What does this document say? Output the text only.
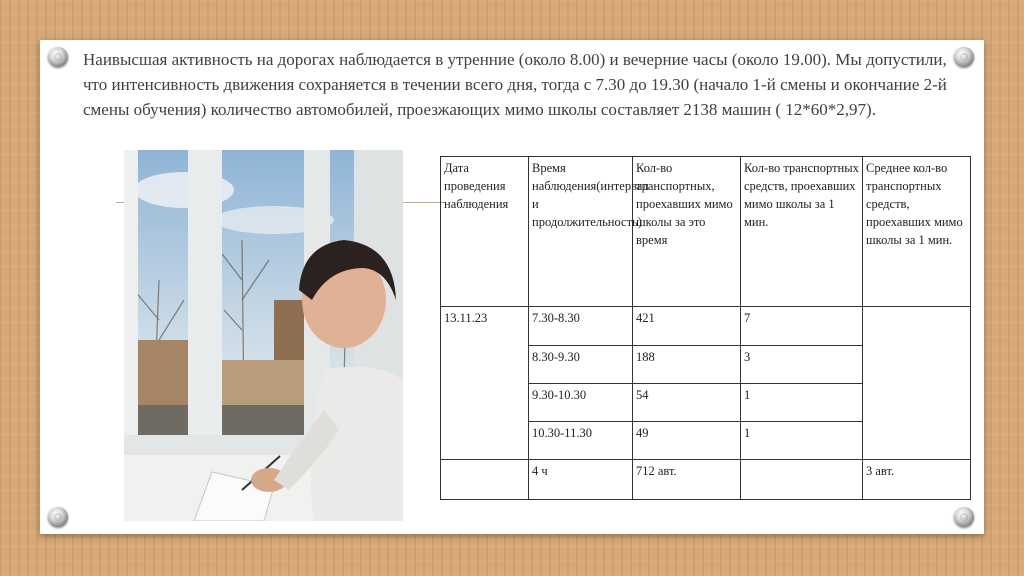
Наивысшая активность на дорогах наблюдается в утренние (около 8.00) и вечерние часы (около 19.00). Мы допустили, что интенсивность движения сохраняется в течении всего дня, тогда с 7.30 до 19.30 (начало 1-й смены и окончание 2-й смены обучения) количество автомобилей, проезжающих мимо школы составляет 2138 машин ( 12*60*2,97).

Дата проведения наблюдения	Время наблюдения(интервал и продолжительность)	Кол-во транспортных, проехавших мимо школы за это время	Кол-во транспортных средств, проехавших мимо школы за 1 мин.	Среднее кол-во транспортных средств, проехавших мимо школы за 1 мин.
13.11.23	7.30-8.30	421	7	
	8.30-9.30	188	3	
	9.30-10.30	54	1	
	10.30-11.30	49	1	
	4 ч	712 авт.		3 авт.
